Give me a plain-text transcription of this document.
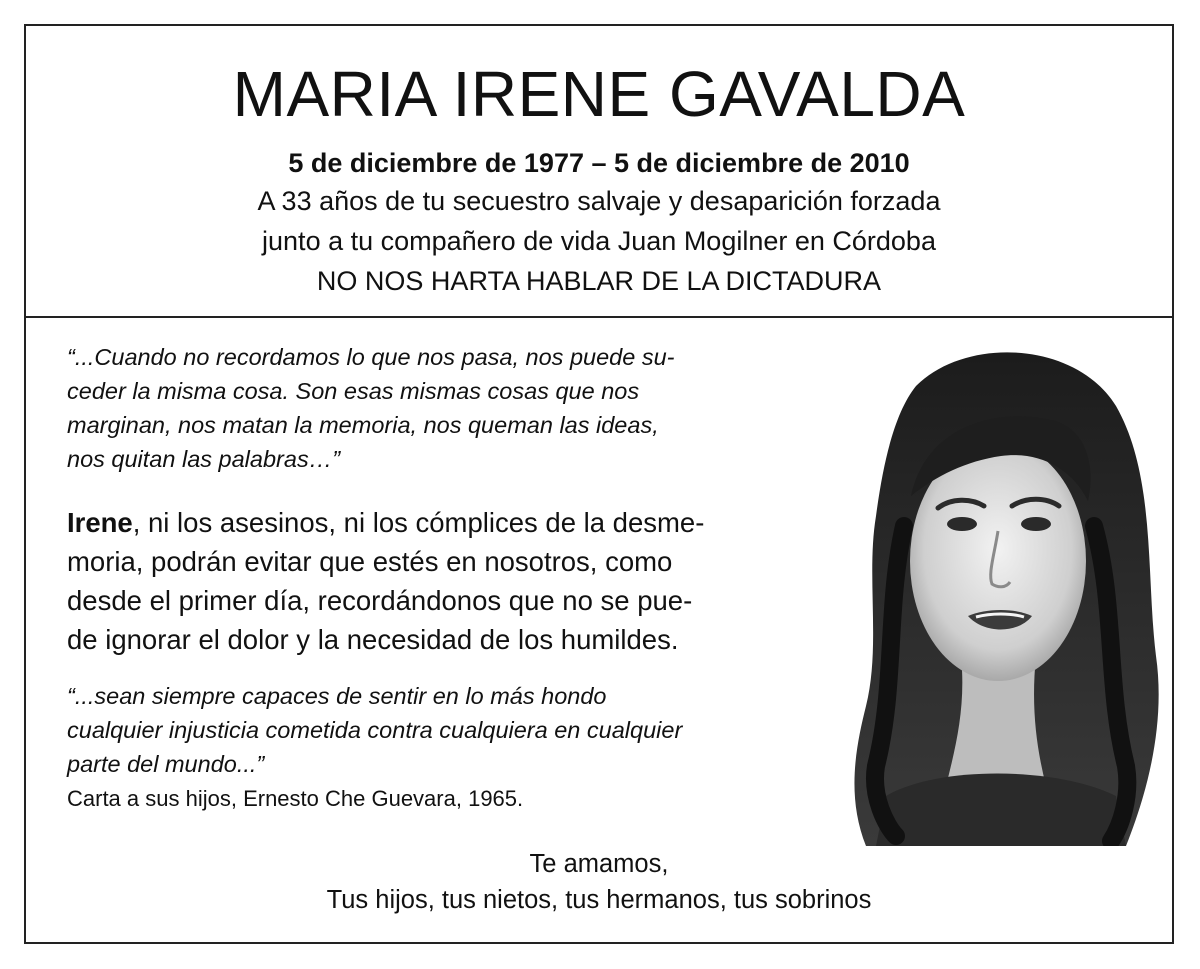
MARIA IRENE GAVALDA
5 de diciembre de 1977 – 5 de diciembre de 2010
A 33 años de tu secuestro salvaje y desaparición forzada
junto a tu compañero de vida Juan Mogilner en Córdoba
NO NOS HARTA HABLAR DE LA DICTADURA
“...Cuando no recordamos lo que nos pasa, nos puede su-
ceder la misma cosa. Son esas mismas cosas que nos
marginan, nos matan la memoria, nos queman las ideas,
nos quitan las palabras…”
Irene, ni los asesinos, ni los cómplices de la desme-
moria, podrán evitar que estés en nosotros, como
desde el primer día, recordándonos que no se pue-
de ignorar el dolor y la necesidad de los humildes.
“...sean siempre capaces de sentir en lo más hondo
cualquier injusticia cometida contra cualquiera en cualquier
parte del mundo...”
Carta a sus hijos, Ernesto Che Guevara, 1965.
Te amamos,
Tus hijos, tus nietos, tus hermanos, tus sobrinos
